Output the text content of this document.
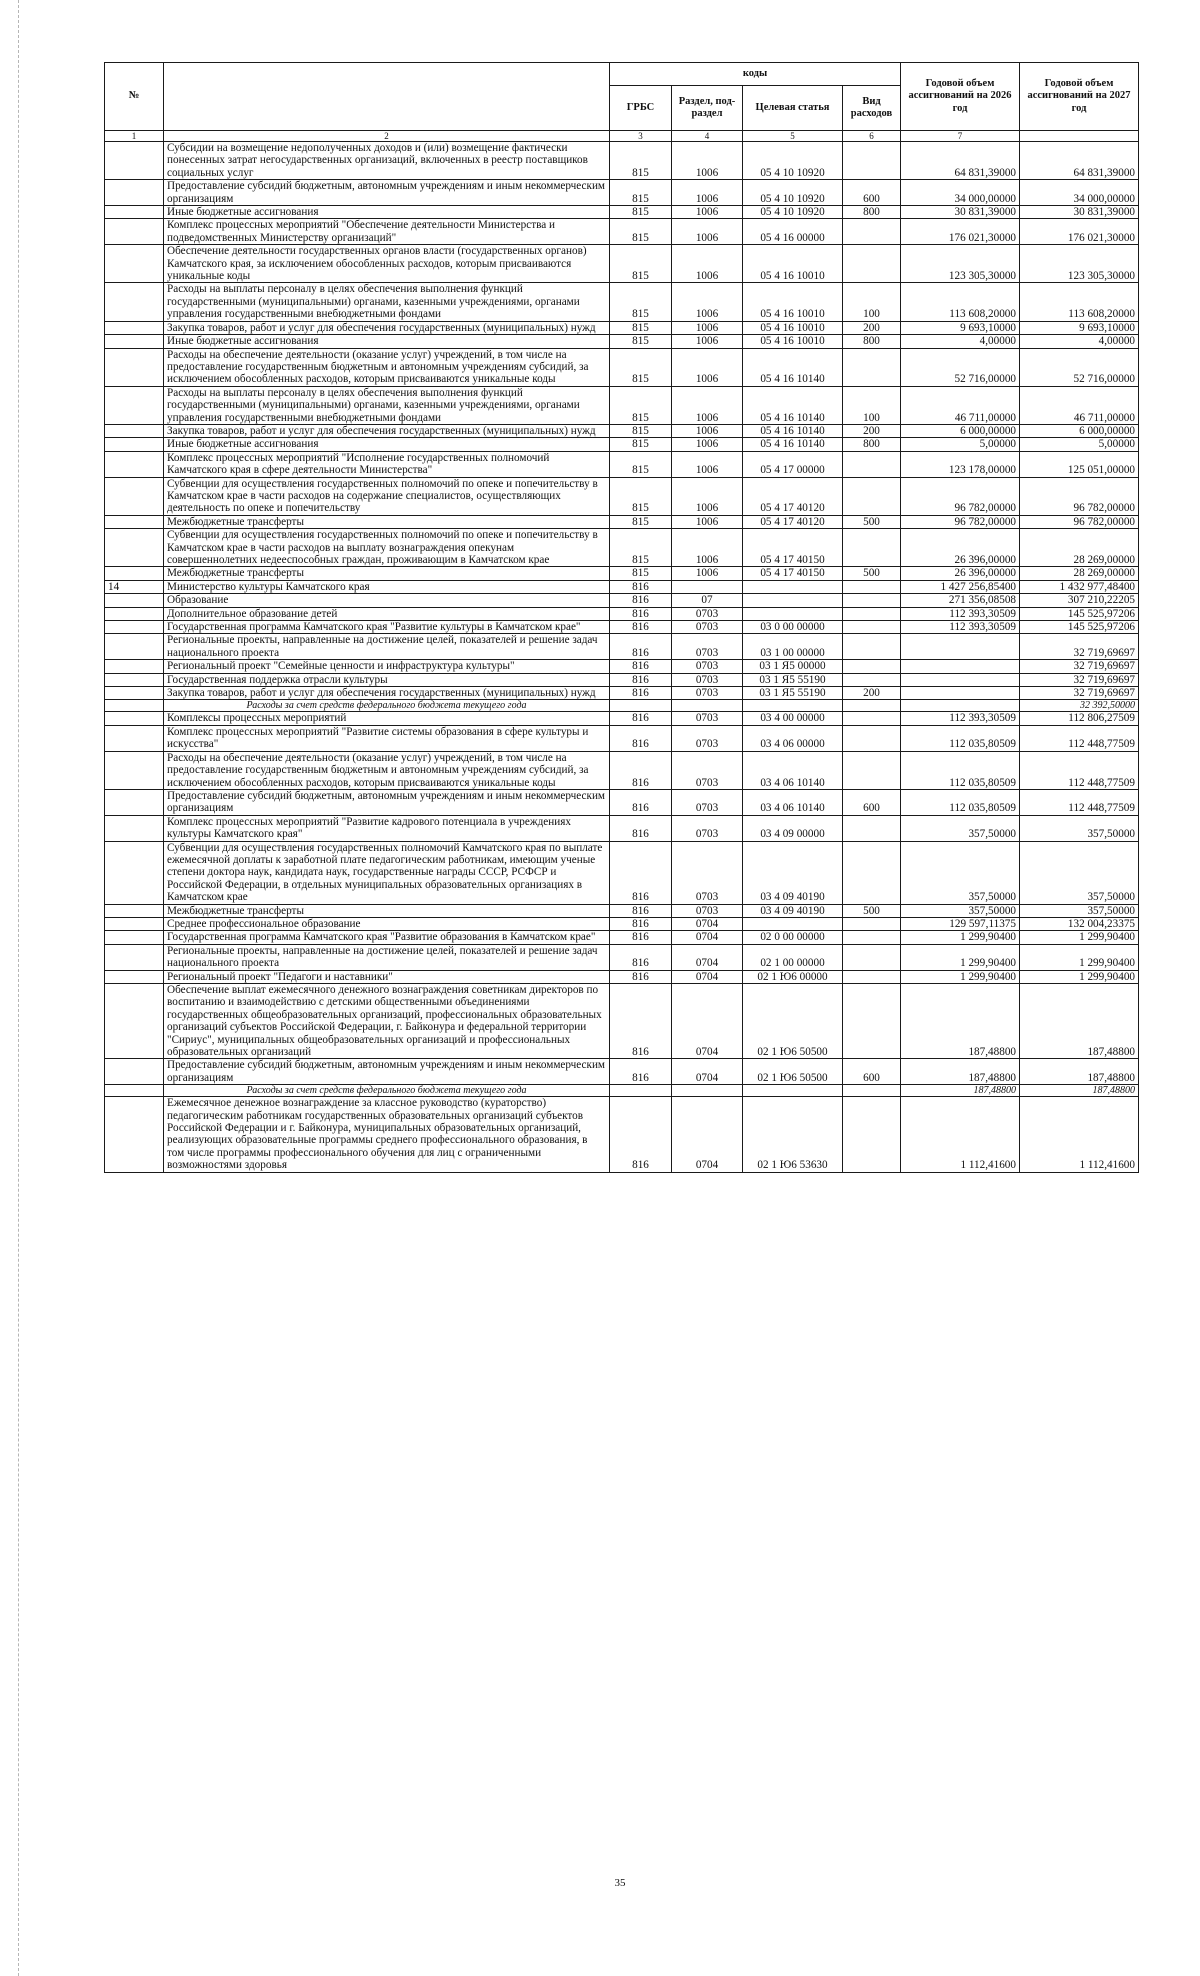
№		коды				Годовой объем ассигнований на 2026 год	Годовой объем ассигнований на 2027 год
		ГРБС	Раздел, под-раздел	Целевая статья	Вид расходов		
1	2	3	4	5	6	7	
	Субсидии на возмещение недополученных доходов и (или) возмещение фактически понесенных затрат негосударственных организаций, включенных в реестр поставщиков социальных услуг	815	1006	05 4 10 10920		64 831,39000	64 831,39000
	Предоставление субсидий бюджетным, автономным учреждениям и иным некоммерческим организациям	815	1006	05 4 10 10920	600	34 000,00000	34 000,00000
	Иные бюджетные ассигнования	815	1006	05 4 10 10920	800	30 831,39000	30 831,39000
	Комплекс процессных мероприятий "Обеспечение деятельности Министерства и подведомственных Министерству организаций"	815	1006	05 4 16 00000		176 021,30000	176 021,30000
	Обеспечение деятельности государственных органов власти (государственных органов) Камчатского края, за исключением обособленных расходов, которым присваиваются уникальные коды	815	1006	05 4 16 10010		123 305,30000	123 305,30000
	Расходы на выплаты персоналу в целях обеспечения выполнения функций государственными (муниципальными) органами, казенными учреждениями, органами управления государственными внебюджетными фондами	815	1006	05 4 16 10010	100	113 608,20000	113 608,20000
	Закупка товаров, работ и услуг для обеспечения государственных (муниципальных) нужд	815	1006	05 4 16 10010	200	9 693,10000	9 693,10000
	Иные бюджетные ассигнования	815	1006	05 4 16 10010	800	4,00000	4,00000
	Расходы на обеспечение деятельности (оказание услуг) учреждений, в том числе на предоставление государственным бюджетным и автономным учреждениям субсидий, за исключением обособленных расходов, которым присваиваются уникальные коды	815	1006	05 4 16 10140		52 716,00000	52 716,00000
	Расходы на выплаты персоналу в целях обеспечения выполнения функций государственными (муниципальными) органами, казенными учреждениями, органами управления государственными внебюджетными фондами	815	1006	05 4 16 10140	100	46 711,00000	46 711,00000
	Закупка товаров, работ и услуг для обеспечения государственных (муниципальных) нужд	815	1006	05 4 16 10140	200	6 000,00000	6 000,00000
	Иные бюджетные ассигнования	815	1006	05 4 16 10140	800	5,00000	5,00000
	Комплекс процессных мероприятий "Исполнение государственных полномочий Камчатского края в сфере деятельности Министерства"	815	1006	05 4 17 00000		123 178,00000	125 051,00000
	Субвенции для осуществления государственных полномочий по опеке и попечительству в Камчатском крае в части расходов на содержание специалистов, осуществляющих деятельность по опеке и попечительству	815	1006	05 4 17 40120		96 782,00000	96 782,00000
	Межбюджетные трансферты	815	1006	05 4 17 40120	500	96 782,00000	96 782,00000
	Субвенции для осуществления государственных полномочий по опеке и попечительству в Камчатском крае в части расходов на выплату вознаграждения опекунам совершеннолетних недееспособных граждан, проживающим в Камчатском крае	815	1006	05 4 17 40150		26 396,00000	28 269,00000
	Межбюджетные трансферты	815	1006	05 4 17 40150	500	26 396,00000	28 269,00000
14	Министерство культуры Камчатского края	816				1 427 256,85400	1 432 977,48400
	Образование	816	07			271 356,08508	307 210,22205
	Дополнительное образование детей	816	0703			112 393,30509	145 525,97206
	Государственная программа Камчатского края "Развитие культуры в Камчатском крае"	816	0703	03 0 00 00000		112 393,30509	145 525,97206
	Региональные проекты, направленные на достижение целей, показателей и решение задач национального проекта	816	0703	03 1 00 00000			32 719,69697
	Региональный проект "Семейные ценности и инфраструктура культуры"	816	0703	03 1 Я5 00000			32 719,69697
	Государственная поддержка отрасли культуры	816	0703	03 1 Я5 55190			32 719,69697
	Закупка товаров, работ и услуг для обеспечения государственных (муниципальных) нужд	816	0703	03 1 Я5 55190	200		32 719,69697
	Расходы за счет средств федерального бюджета текущего года						32 392,50000
	Комплексы процессных мероприятий	816	0703	03 4 00 00000		112 393,30509	112 806,27509
	Комплекс процессных мероприятий "Развитие системы образования в сфере культуры и искусства"	816	0703	03 4 06 00000		112 035,80509	112 448,77509
	Расходы на обеспечение деятельности (оказание услуг) учреждений, в том числе на предоставление государственным бюджетным и автономным учреждениям субсидий, за исключением обособленных расходов, которым присваиваются уникальные коды	816	0703	03 4 06 10140		112 035,80509	112 448,77509
	Предоставление субсидий бюджетным, автономным учреждениям и иным некоммерческим организациям	816	0703	03 4 06 10140	600	112 035,80509	112 448,77509
	Комплекс процессных мероприятий "Развитие кадрового потенциала в учреждениях культуры Камчатского края"	816	0703	03 4 09 00000		357,50000	357,50000
	Субвенции для осуществления государственных полномочий Камчатского края по выплате ежемесячной доплаты к заработной плате педагогическим работникам, имеющим ученые степени доктора наук, кандидата наук, государственные награды СССР, РСФСР и Российской Федерации, в отдельных муниципальных образовательных организациях в Камчатском крае	816	0703	03 4 09 40190		357,50000	357,50000
	Межбюджетные трансферты	816	0703	03 4 09 40190	500	357,50000	357,50000
	Среднее профессиональное образование	816	0704			129 597,11375	132 004,23375
	Государственная программа Камчатского края "Развитие образования в Камчатском крае"	816	0704	02 0 00 00000		1 299,90400	1 299,90400
	Региональные проекты, направленные на достижение целей, показателей и решение задач национального проекта	816	0704	02 1 00 00000		1 299,90400	1 299,90400
	Региональный проект "Педагоги и наставники"	816	0704	02 1 Ю6 00000		1 299,90400	1 299,90400
	Обеспечение выплат ежемесячного денежного вознаграждения советникам директоров по воспитанию и взаимодействию с детскими общественными объединениями государственных общеобразовательных организаций, профессиональных образовательных организаций субъектов Российской Федерации, г. Байконура и федеральной территории "Сириус", муниципальных общеобразовательных организаций и профессиональных образовательных организаций	816	0704	02 1 Ю6 50500		187,48800	187,48800
	Предоставление субсидий бюджетным, автономным учреждениям и иным некоммерческим организациям	816	0704	02 1 Ю6 50500	600	187,48800	187,48800
	Расходы за счет средств федерального бюджета текущего года					187,48800	187,48800
	Ежемесячное денежное вознаграждение за классное руководство (кураторство) педагогическим работникам государственных образовательных организаций субъектов Российской Федерации и г. Байконура, муниципальных образовательных организаций, реализующих образовательные программы среднего профессионального образования, в том числе программы профессионального обучения для лиц с ограниченными возможностями здоровья	816	0704	02 1 Ю6 53630		1 112,41600	1 112,41600
35
